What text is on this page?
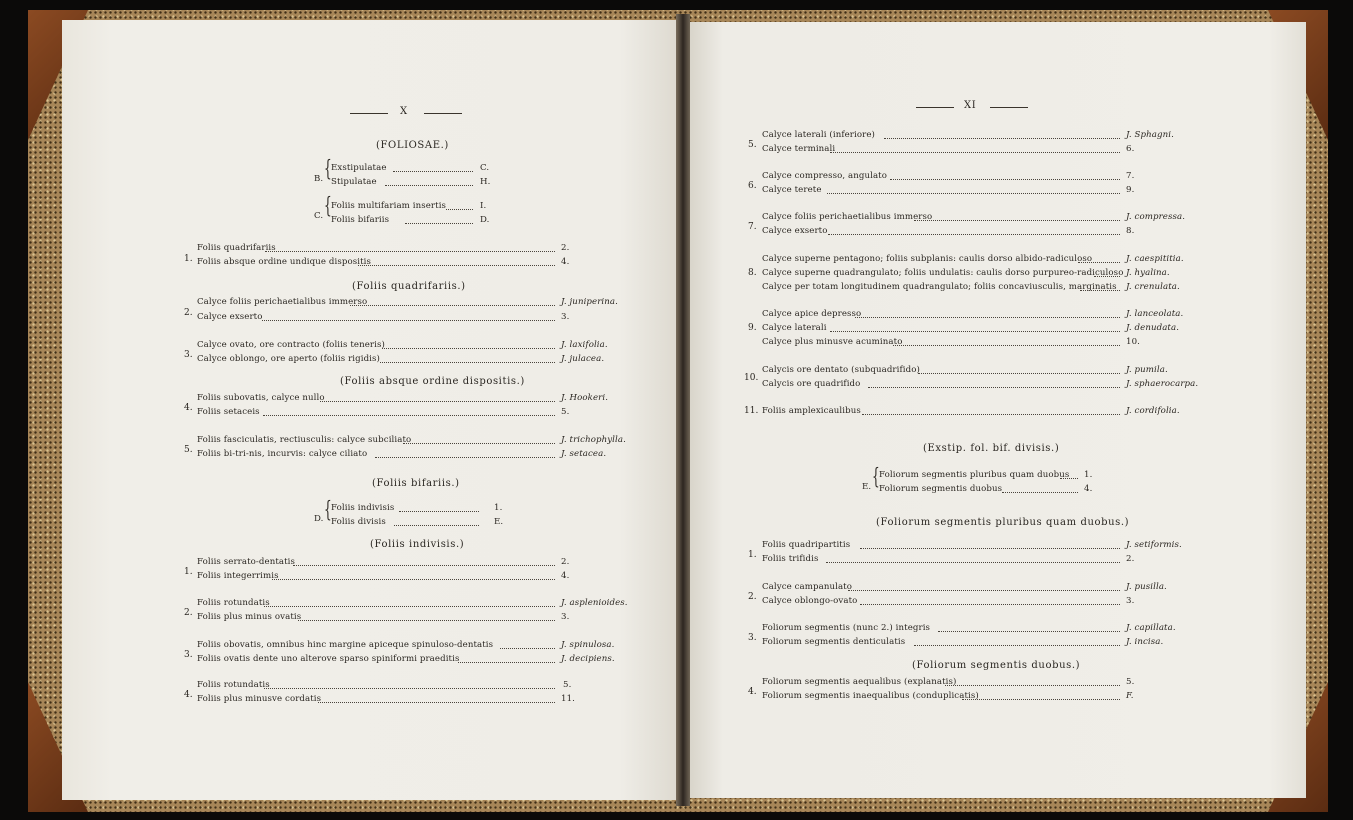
X
(FOLIOSAE.)
B. { Exstipulatae	C.
Stipulatae	H.
C. { Foliis multifariam insertis	I.
Foliis bifariis	D.
1.
Foliis quadrifariis	2.
Foliis absque ordine undique dispositis	4.
(Foliis quadrifariis.)
2.
Calyce foliis perichaetialibus immerso	J. juniperina.
Calyce exserto	3.
3.
Calyce ovato, ore contracto (foliis teneris)	J. laxifolia.
Calyce oblongo, ore aperto (foliis rigidis)	J. julacea.
(Foliis absque ordine dispositis.)
4.
Foliis subovatis, calyce nullo	J. Hookeri.
Foliis setaceis	5.
5.
Foliis fasciculatis, rectiusculis: calyce subciliato	J. trichophylla.
Foliis bi-tri-nis, incurvis: calyce ciliato	J. setacea.
(Foliis bifariis.)
D. { Foliis indivisis	1.
Foliis divisis	E.
(Foliis indivisis.)
1.
Foliis serrato-dentatis	2.
Foliis integerrimis	4.
2.
Foliis rotundatis	J. asplenioides.
Foliis plus minus ovatis	3.
3.
Foliis obovatis, omnibus hinc margine apiceque spinuloso-dentatis	J. spinulosa.
Foliis ovatis dente uno alterove sparso spiniformi praeditis	J. decipiens.
4.
Foliis rotundatis	5.
Foliis plus minusve cordatis	11.
XI
5.
Calyce laterali (inferiore)	J. Sphagni.
Calyce terminali	6.
6.
Calyce compresso, angulato	7.
Calyce terete	9.
7.
Calyce foliis perichaetialibus immerso	J. compressa.
Calyce exserto	8.
8.
Calyce superne pentagono; foliis subplanis: caulis dorso albido-radiculoso	J. caespititia.
Calyce superne quadrangulato; foliis undulatis: caulis dorso purpureo-radiculoso J. hyalina.
Calyce per totam longitudinem quadrangulato; foliis concaviusculis, marginatis J. crenulata.
9.
Calyce apice depresso	J. lanceolata.
Calyce laterali	J. denudata.
Calyce plus minusve acuminato	10.
10.
Calycis ore dentato (subquadrifido)	J. pumila.
Calycis ore quadrifido	J. sphaerocarpa.
11. Foliis amplexicaulibus	J. cordifolia.
(Exstip. fol. bif. divisis.)
E. { Foliorum segmentis pluribus quam duobus 1.
Foliorum segmentis duobus	4.
(Foliorum segmentis pluribus quam duobus.)
1.
Foliis quadripartitis	J. setiformis.
Foliis trifidis	2.
2.
Calyce campanulato	J. pusilla.
Calyce oblongo-ovato	3.
3.
Foliorum segmentis (nunc 2.) integris	J. capillata.
Foliorum segmentis denticulatis	J. incisa.
(Foliorum segmentis duobus.)
4.
Foliorum segmentis aequalibus (explanatis)	5.
Foliorum segmentis inaequalibus (conduplicatis)	F.
